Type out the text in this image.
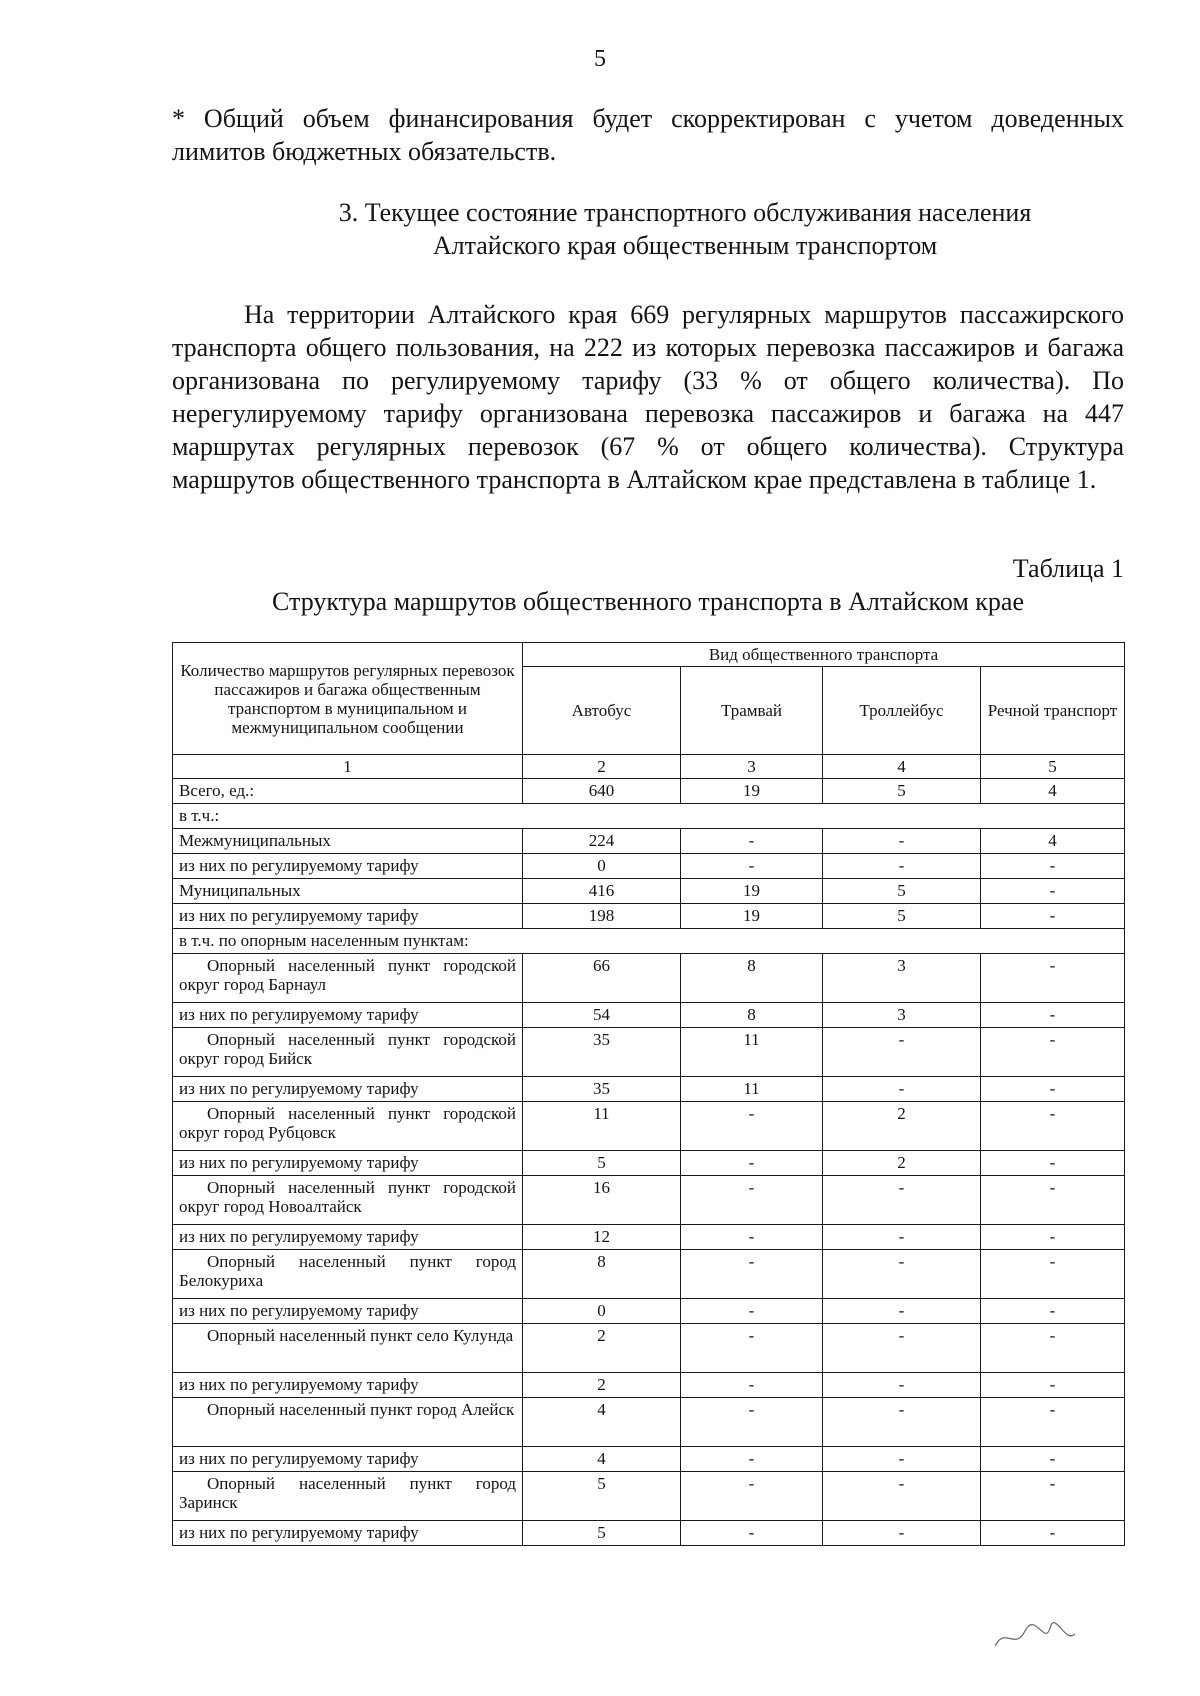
5
* Общий объем финансирования будет скорректирован с учетом доведенных лимитов бюджетных обязательств.
3. Текущее состояние транспортного обслуживания населения
Алтайского края общественным транспортом
На территории Алтайского края 669 регулярных маршрутов пассажирского транспорта общего пользования, на 222 из которых перевозка пассажиров и багажа организована по регулируемому тарифу (33 % от общего количества). По нерегулируемому тарифу организована перевозка пассажиров и багажа на 447 маршрутах регулярных перевозок (67 % от общего количества). Структура маршрутов общественного транспорта в Алтайском крае представлена в таблице 1.
Таблица 1
Структура маршрутов общественного транспорта в Алтайском крае
Количество маршрутов регулярных перевозок пассажиров и багажа общественным транспортом в муниципальном и межмуниципальном сообщении	Вид общественного транспорта			
	Автобус	Трамвай	Троллейбус	Речной транспорт
1	2	3	4	5
Всего, ед.:	640	19	5	4
в т.ч.:				
Межмуниципальных	224	-	-	4
из них по регулируемому тарифу	0	-	-	-
Муниципальных	416	19	5	-
из них по регулируемому тарифу	198	19	5	-
в т.ч. по опорным населенным пунктам:				
Опорный населенный пункт городской округ город Барнаул	66	8	3	-
из них по регулируемому тарифу	54	8	3	-
Опорный населенный пункт городской округ город Бийск	35	11	-	-
из них по регулируемому тарифу	35	11	-	-
Опорный населенный пункт городской округ город Рубцовск	11	-	2	-
из них по регулируемому тарифу	5	-	2	-
Опорный населенный пункт городской округ город Новоалтайск	16	-	-	-
из них по регулируемому тарифу	12	-	-	-
Опорный населенный пункт город Белокуриха	8	-	-	-
из них по регулируемому тарифу	0	-	-	-
Опорный населенный пункт село Кулунда	2	-	-	-
из них по регулируемому тарифу	2	-	-	-
Опорный населенный пункт город Алейск	4	-	-	-
из них по регулируемому тарифу	4	-	-	-
Опорный населенный пункт город Заринск	5	-	-	-
из них по регулируемому тарифу	5	-	-	-
